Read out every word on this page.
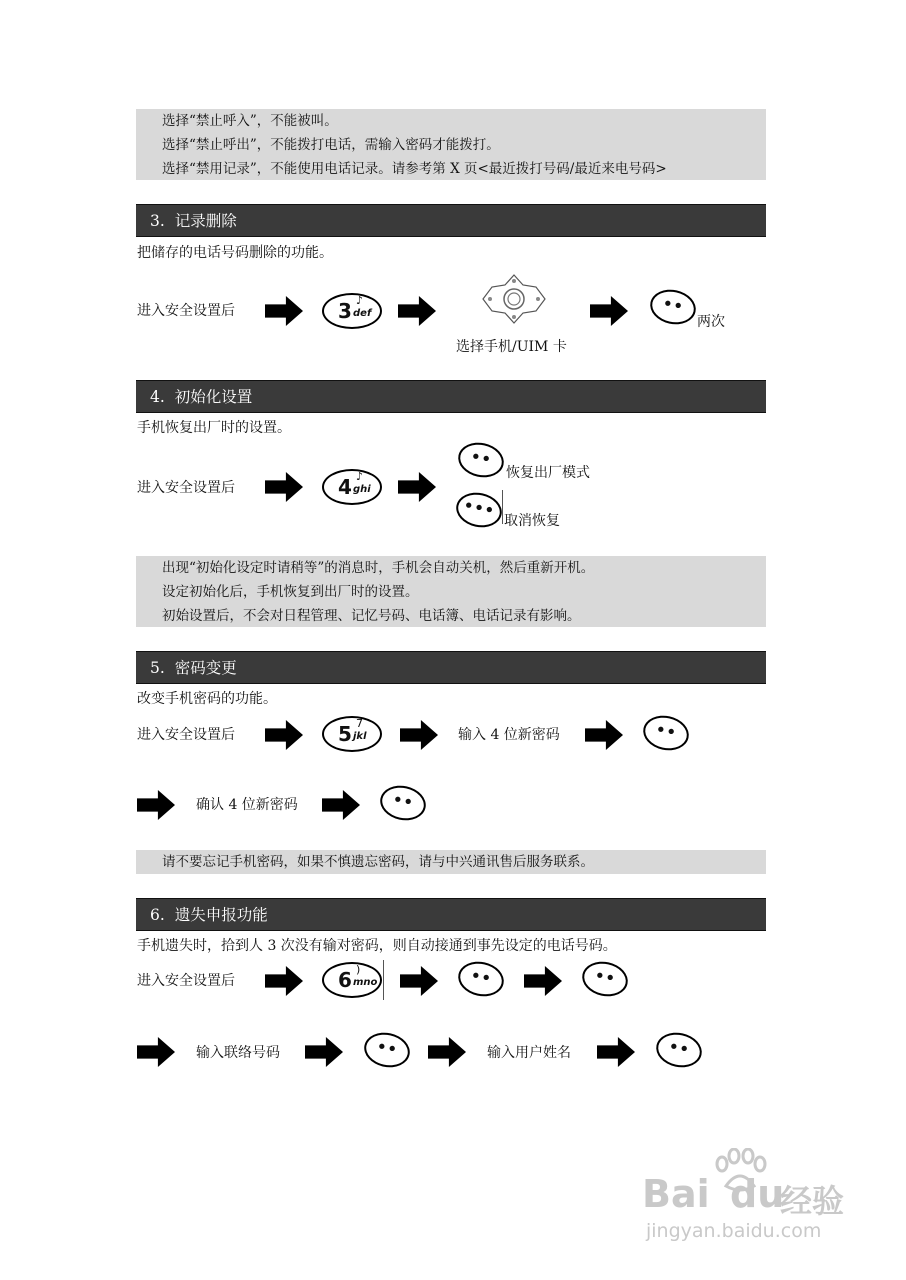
选择“禁止呼入”，不能被叫。
选择“禁止呼出”，不能拨打电话，需输入密码才能拨打。
选择“禁用记录”，不能使用电话记录。请参考第 X 页<最近拨打号码/最近来电号码>
3. 记录删除
把储存的电话号码删除的功能。
进入安全设置后	3 ♪
def
选择手机/UIM 卡
••
两次
4. 初始化设置
手机恢复出厂时的设置。
进入安全设置后	4 ♪
ghi
••
恢复出厂模式
•••
取消恢复
出现“初始化设定时请稍等”的消息时，手机会自动关机，然后重新开机。
设定初始化后，手机恢复到出厂时的设置。
初始设置后，不会对日程管理、记忆号码、电话簿、电话记录有影响。
5. 密码变更
改变手机密码的功能。
进入安全设置后	5 7
jkl	输入 4 位新密码	••
确认 4 位新密码	••
请不要忘记手机密码，如果不慎遗忘密码，请与中兴通讯售后服务联系。
6. 遗失申报功能
手机遗失时，拾到人 3 次没有输对密码，则自动接通到事先设定的电话号码。
进入安全设置后	6 )
mno	••	••
输入联络号码	••	输入用户姓名	••
Bai du
经验
jingyan.baidu.com
